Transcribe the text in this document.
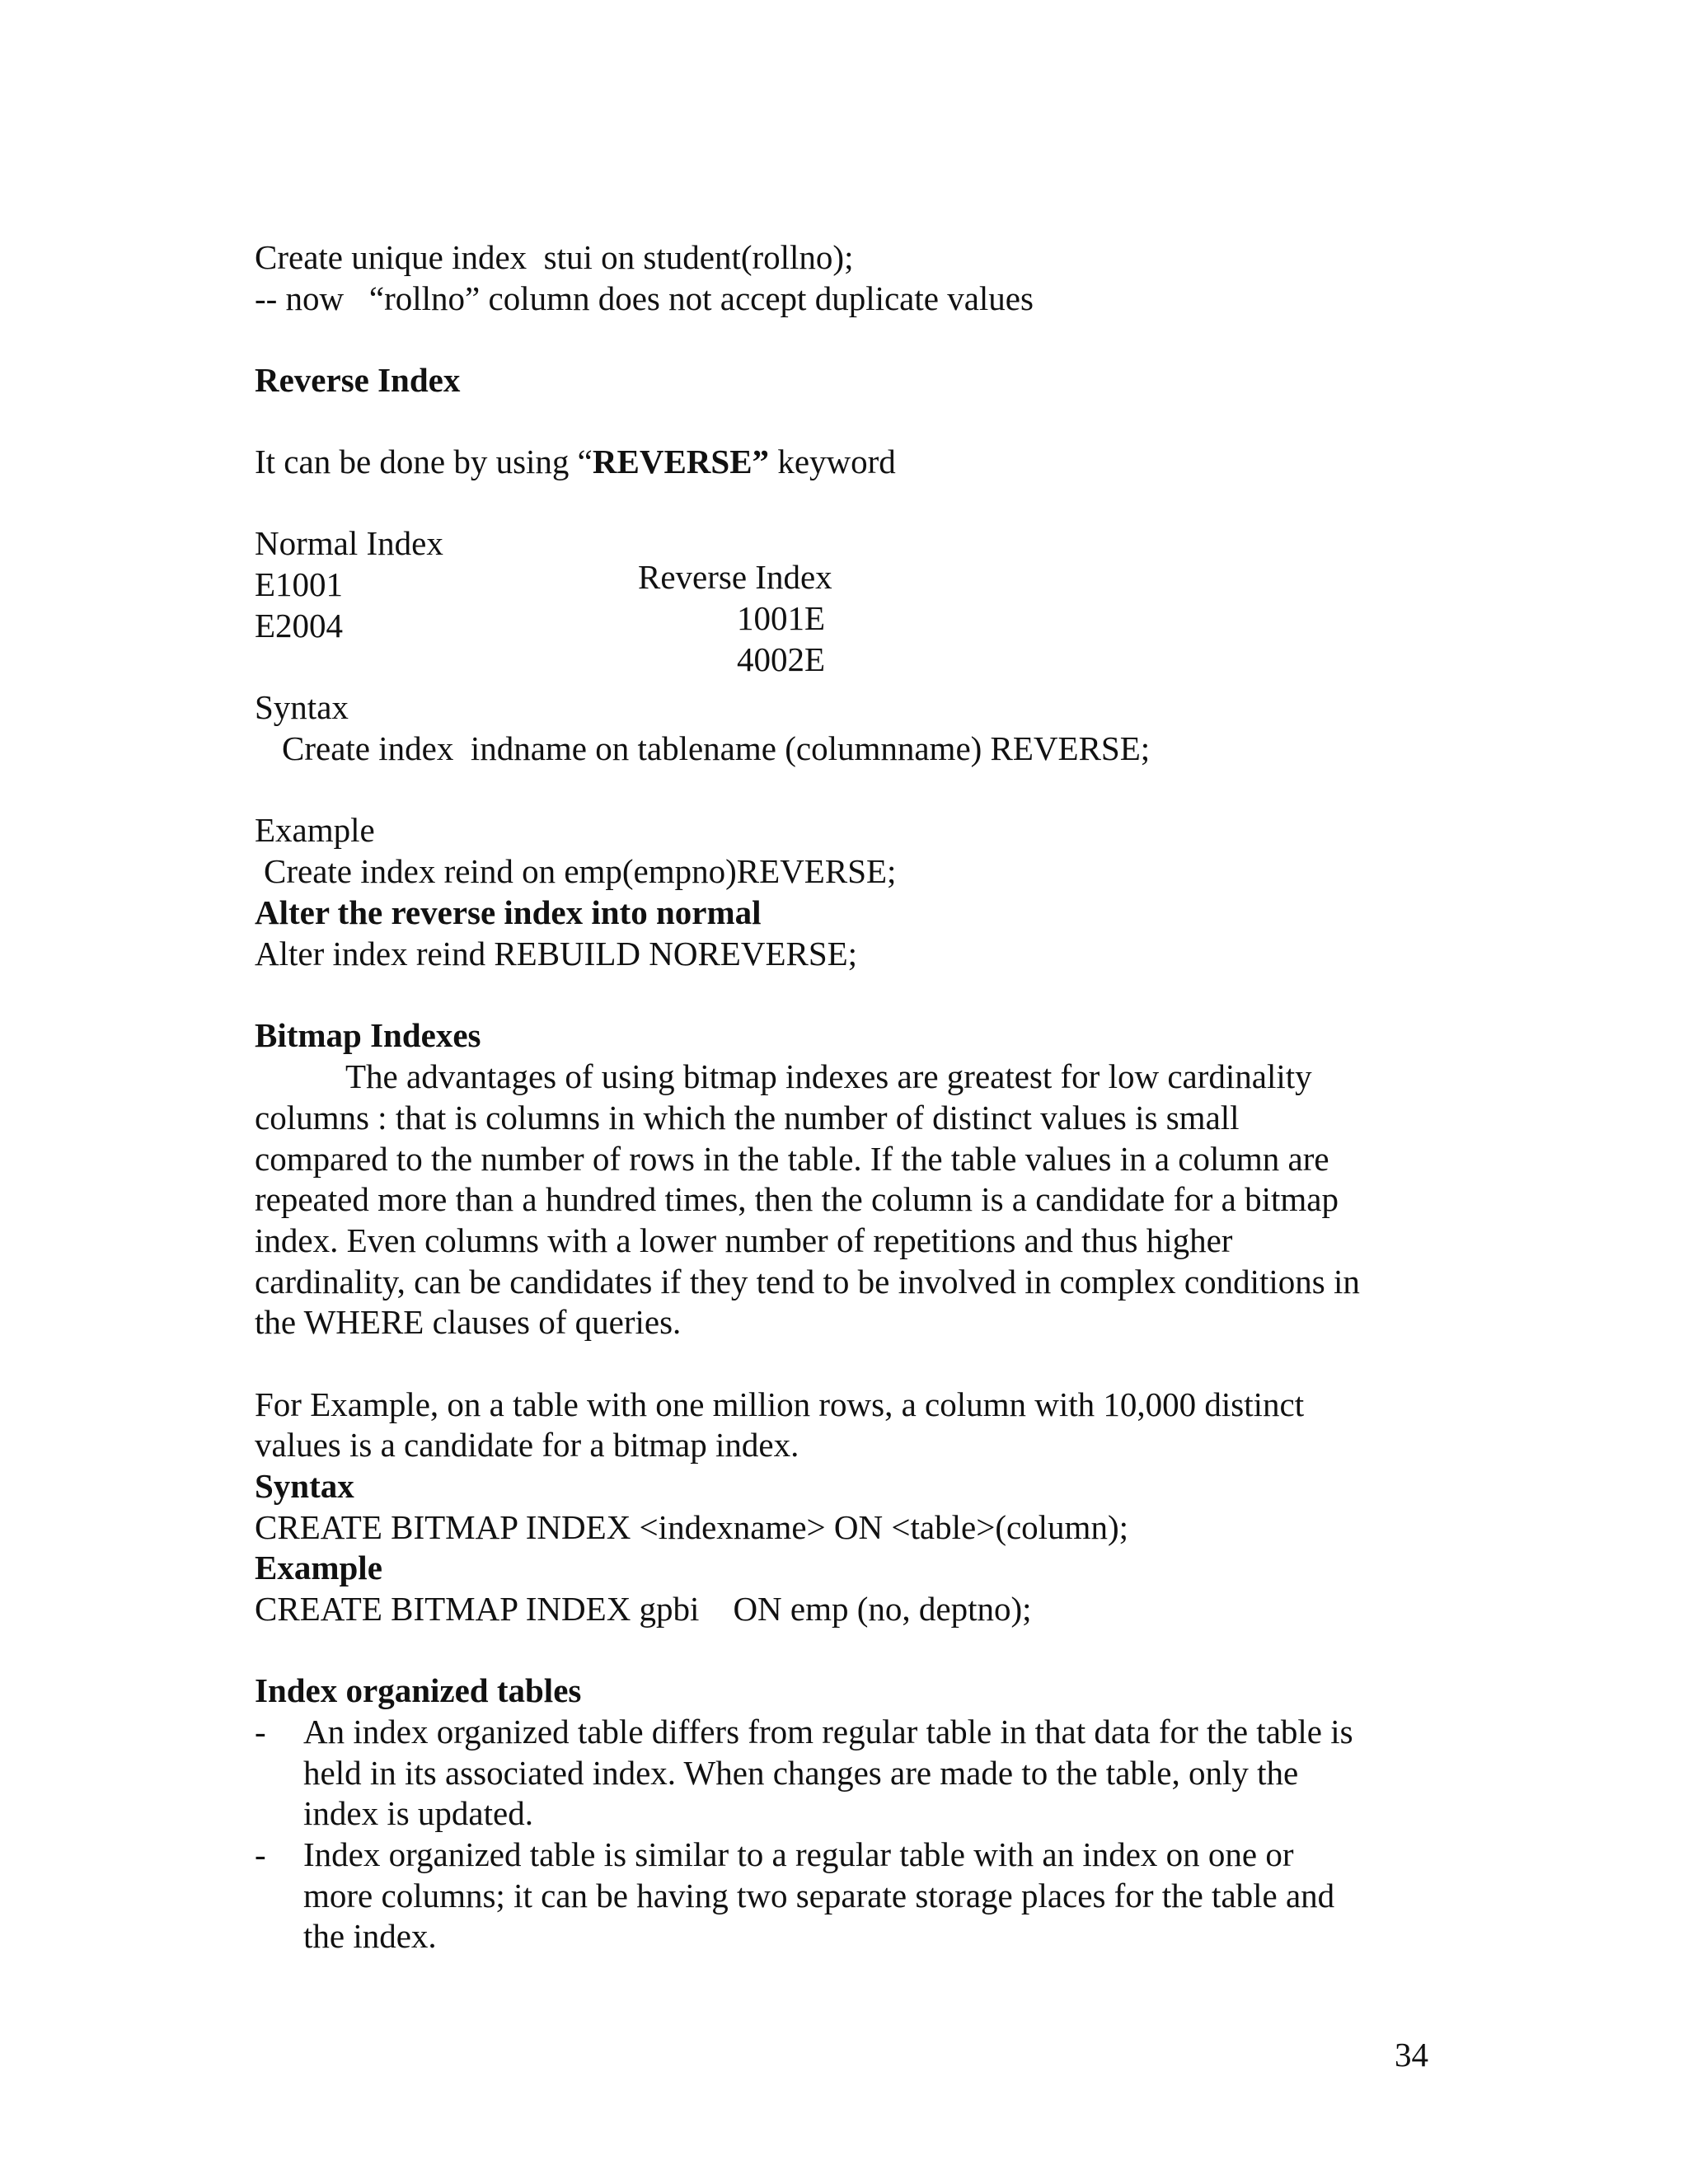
Create unique index  stui on student(rollno);

-- now   “rollno” column does not accept duplicate values

Reverse Index

It can be done by using “REVERSE” keyword

Normal Index

Reverse Index

E1001

1001E

E2004

4002E

Syntax

Create index  indname on tablename (columnname) REVERSE;

Example

Create index reind on emp(empno)REVERSE;

Alter the reverse index into normal

Alter index reind REBUILD NOREVERSE;

Bitmap Indexes

The advantages of using bitmap indexes are greatest for low cardinality

columns : that is columns in which the number of distinct values is small

compared to the number of rows in the table. If the table values in a column are

repeated more than a hundred times, then the column is a candidate for a bitmap

index. Even columns with a lower number of repetitions and thus higher

cardinality, can be candidates if they tend to be involved in complex conditions in

the WHERE clauses of queries.

For Example, on a table with one million rows, a column with 10,000 distinct

values is a candidate for a bitmap index.

Syntax

CREATE BITMAP INDEX <indexname> ON <table>(column);

Example

CREATE BITMAP INDEX gpbi    ON emp (no, deptno);

Index organized tables

- An index organized table differs from regular table in that data for the table is

held in its associated index. When changes are made to the table, only the

index is updated.

- Index organized table is similar to a regular table with an index on one or

more columns; it can be having two separate storage places for the table and

the index.

34
